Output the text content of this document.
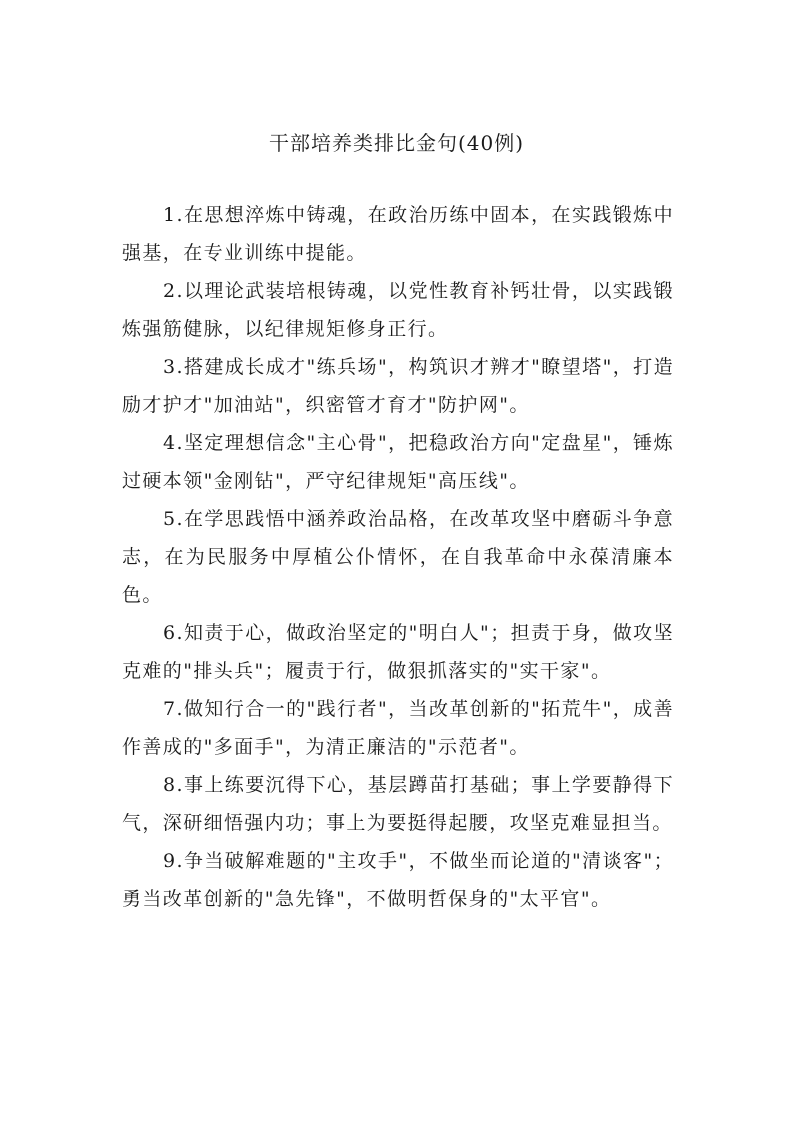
干部培养类排比金句(40例)

1.在思想淬炼中铸魂，在政治历练中固本，在实践锻炼中强基，在专业训练中提能。

2.以理论武装培根铸魂，以党性教育补钙壮骨，以实践锻炼强筋健脉，以纪律规矩修身正行。

3.搭建成长成才"练兵场"，构筑识才辨才"瞭望塔"，打造励才护才"加油站"，织密管才育才"防护网"。

4.坚定理想信念"主心骨"，把稳政治方向"定盘星"，锤炼过硬本领"金刚钻"，严守纪律规矩"高压线"。

5.在学思践悟中涵养政治品格，在改革攻坚中磨砺斗争意志，在为民服务中厚植公仆情怀，在自我革命中永葆清廉本色。

6.知责于心，做政治坚定的"明白人"；担责于身，做攻坚克难的"排头兵"；履责于行，做狠抓落实的"实干家"。

7.做知行合一的"践行者"，当改革创新的"拓荒牛"，成善作善成的"多面手"，为清正廉洁的"示范者"。

8.事上练要沉得下心，基层蹲苗打基础；事上学要静得下气，深研细悟强内功；事上为要挺得起腰，攻坚克难显担当。

9.争当破解难题的"主攻手"，不做坐而论道的"清谈客"；勇当改革创新的"急先锋"，不做明哲保身的"太平官"。
